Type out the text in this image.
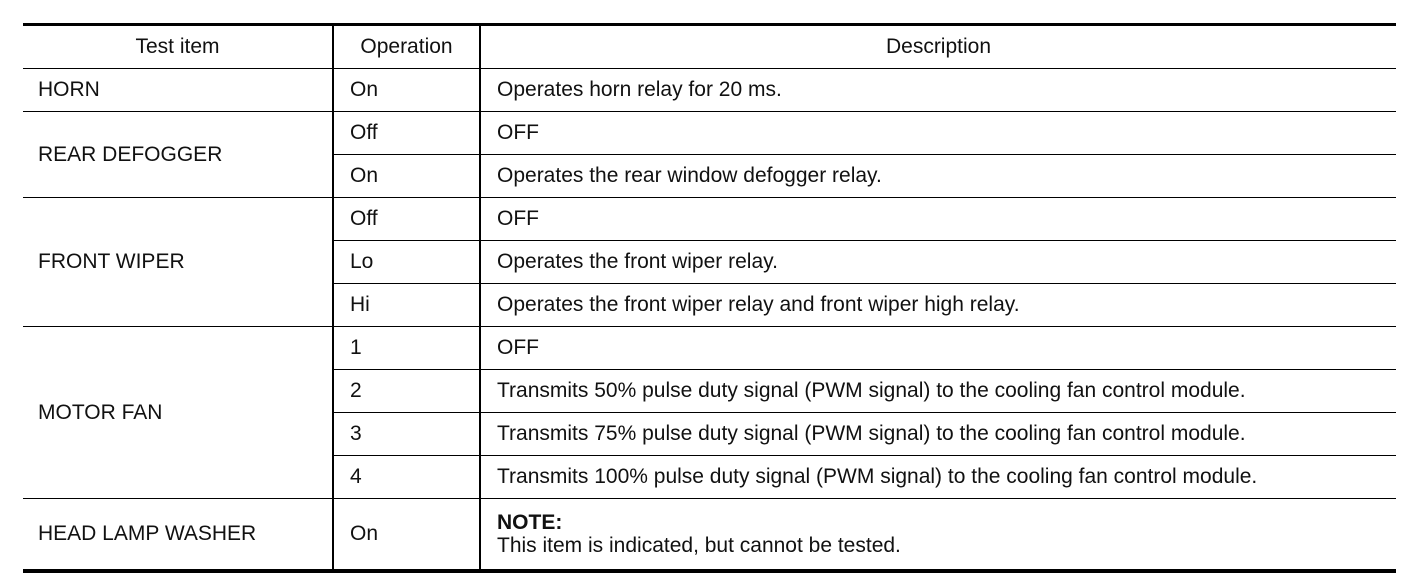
Test item	Operation	Description
HORN	On	Operates horn relay for 20 ms.
REAR DEFOGGER	Off	OFF
	On	Operates the rear window defogger relay.
FRONT WIPER	Off	OFF
	Lo	Operates the front wiper relay.
	Hi	Operates the front wiper relay and front wiper high relay.
MOTOR FAN	1	OFF
	2	Transmits 50% pulse duty signal (PWM signal) to the cooling fan control module.
	3	Transmits 75% pulse duty signal (PWM signal) to the cooling fan control module.
	4	Transmits 100% pulse duty signal (PWM signal) to the cooling fan control module.
HEAD LAMP WASHER	On	NOTE:
This item is indicated, but cannot be tested.
